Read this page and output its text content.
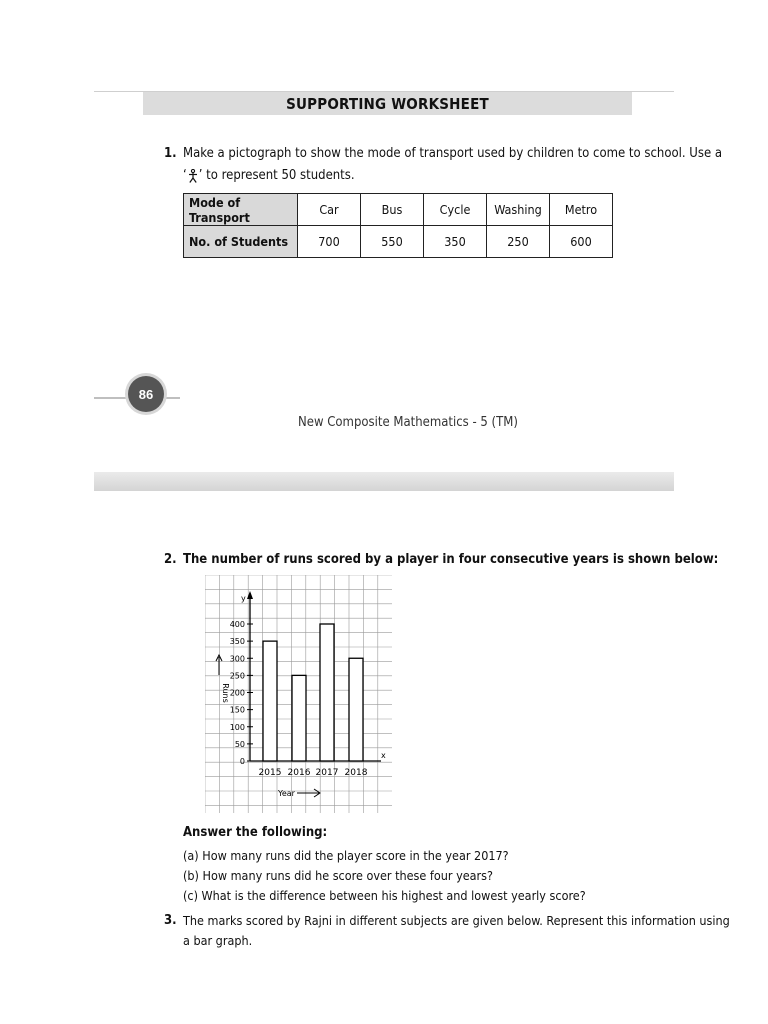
SUPPORTING WORKSHEET
1. Make a pictograph to show the mode of transport used by children to come to school. Use a
‘ ’ to represent 50 students.
Mode of Transport	Car	Bus	Cycle	Washing	Metro
No. of Students	700	550	350	250	600
86
New Composite Mathematics - 5 (TM)
2. The number of runs scored by a player in four consecutive years is shown below:
y
x
0
50
100
150
200
250
300
350
400
2015 2016 2017 2018
Runs
Year
Answer the following:
(a) How many runs did the player score in the year 2017?
(b) How many runs did he score over these four years?
(c) What is the difference between his highest and lowest yearly score?
3. The marks scored by Rajni in different subjects are given below. Represent this information using
a bar graph.
